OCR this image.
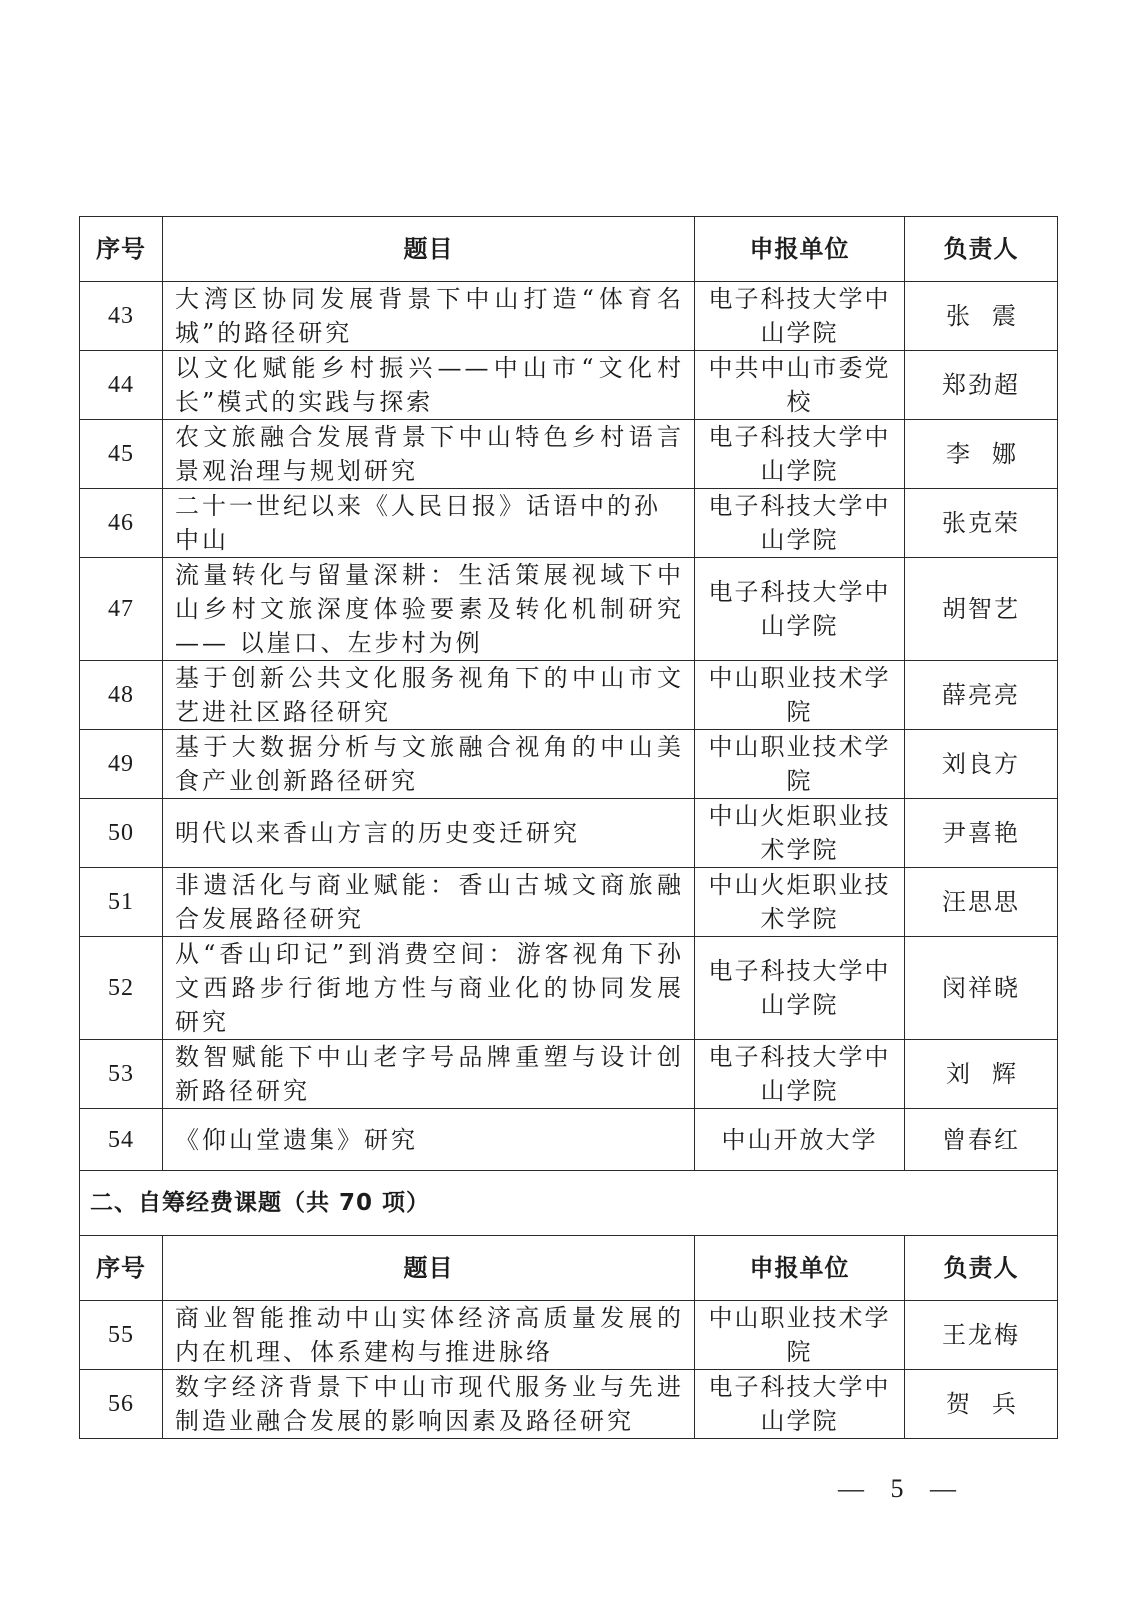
序号	题目	申报单位	负责人
43	大湾区协同发展背景下中山打造“体育名城”的路径研究	电子科技大学中山学院	张震
44	以文化赋能乡村振兴——中山市“文化村长”模式的实践与探索	中共中山市委党校	郑劲超
45	农文旅融合发展背景下中山特色乡村语言景观治理与规划研究	电子科技大学中山学院	李娜
46	二十一世纪以来《人民日报》话语中的孙中山	电子科技大学中山学院	张克荣
47	流量转化与留量深耕：生活策展视域下中山乡村文旅深度体验要素及转化机制研究—— 以崖口、左步村为例	电子科技大学中山学院	胡智艺
48	基于创新公共文化服务视角下的中山市文艺进社区路径研究	中山职业技术学院	薛亮亮
49	基于大数据分析与文旅融合视角的中山美食产业创新路径研究	中山职业技术学院	刘良方
50	明代以来香山方言的历史变迁研究	中山火炬职业技术学院	尹喜艳
51	非遗活化与商业赋能：香山古城文商旅融合发展路径研究	中山火炬职业技术学院	汪思思
52	从“香山印记”到消费空间：游客视角下孙文西路步行街地方性与商业化的协同发展研究	电子科技大学中山学院	闵祥晓
53	数智赋能下中山老字号品牌重塑与设计创新路径研究	电子科技大学中山学院	刘辉
54	《仰山堂遗集》研究	中山开放大学	曾春红
二、自筹经费课题（共 70 项）			
序号	题目	申报单位	负责人
55	商业智能推动中山实体经济高质量发展的内在机理、体系建构与推进脉络	中山职业技术学院	王龙梅
56	数字经济背景下中山市现代服务业与先进制造业融合发展的影响因素及路径研究	电子科技大学中山学院	贺兵
— 5 —
